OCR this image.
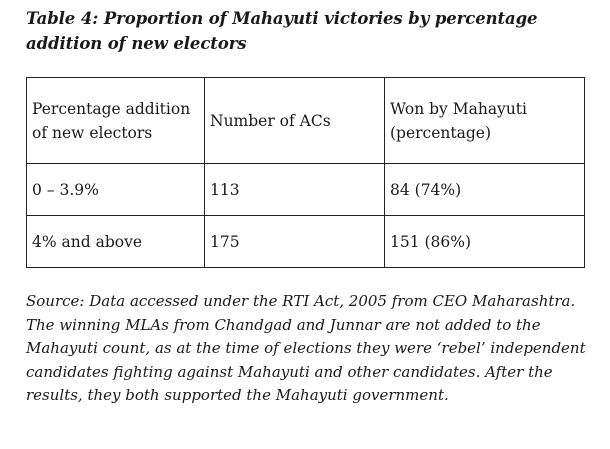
Table 4: Proportion of Mahayuti victories by percentage addition of new electors
Percentage addition of new electors	Number of ACs	Won by Mahayuti (percentage)
0 – 3.9%	113	84 (74%)
4% and above	175	151 (86%)

Source: Data accessed under the RTI Act, 2005 from CEO Maharashtra. The winning MLAs from Chandgad and Junnar are not added to the Mahayuti count, as at the time of elections they were ‘rebel’ independent candidates fighting against Mahayuti and other candidates. After the results, they both supported the Mahayuti government.
